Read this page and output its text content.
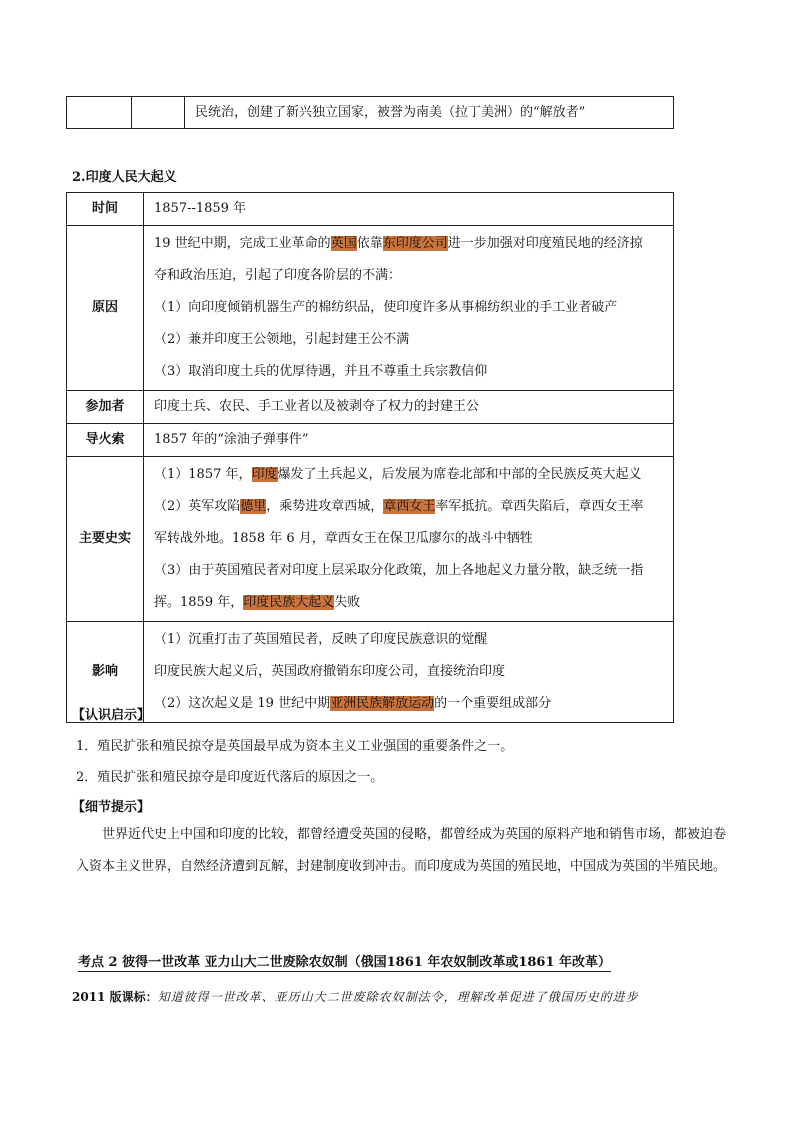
		民统治，创建了新兴独立国家，被誉为南美（拉丁美洲）的“解放者”
2.印度人民大起义
时间	1857--1859 年

原因	19 世纪中期，完成工业革命的英国依靠东印度公司进一步加强对印度殖民地的经济掠
夺和政治压迫，引起了印度各阶层的不满：
（1）向印度倾销机器生产的棉纺织品，使印度许多从事棉纺织业的手工业者破产
（2）兼并印度王公领地，引起封建王公不满
（3）取消印度土兵的优厚待遇，并且不尊重土兵宗教信仰

参加者	印度土兵、农民、手工业者以及被剥夺了权力的封建王公

导火索	1857 年的“涂油子弹事件”

主要史实	（1）1857 年，印度爆发了土兵起义，后发展为席卷北部和中部的全民族反英大起义
（2）英军攻陷德里，乘势进攻章西城，章西女王率军抵抗。章西失陷后，章西女王率
军转战外地。1858 年 6 月，章西女王在保卫瓜廖尔的战斗中牺牲
（3）由于英国殖民者对印度上层采取分化政策，加上各地起义力量分散，缺乏统一指
挥。1859 年，印度民族大起义失败

影响	（1）沉重打击了英国殖民者，反映了印度民族意识的觉醒
印度民族大起义后，英国政府撤销东印度公司，直接统治印度
（2）这次起义是 19 世纪中期亚洲民族解放运动的一个重要组成部分
【认识启示】
1．殖民扩张和殖民掠夺是英国最早成为资本主义工业强国的重要条件之一。
2．殖民扩张和殖民掠夺是印度近代落后的原因之一。
【细节提示】
世界近代史上中国和印度的比较，都曾经遭受英国的侵略，都曾经成为英国的原料产地和销售市场，都被迫卷入资本主义世界，自然经济遭到瓦解，封建制度收到冲击。而印度成为英国的殖民地，中国成为英国的半殖民地。
考点 2 彼得一世改革 亚力山大二世废除农奴制（俄国1861 年农奴制改革或1861 年改革）
2011 版课标：知道彼得一世改革、亚历山大二世废除农奴制法令，理解改革促进了俄国历史的进步
